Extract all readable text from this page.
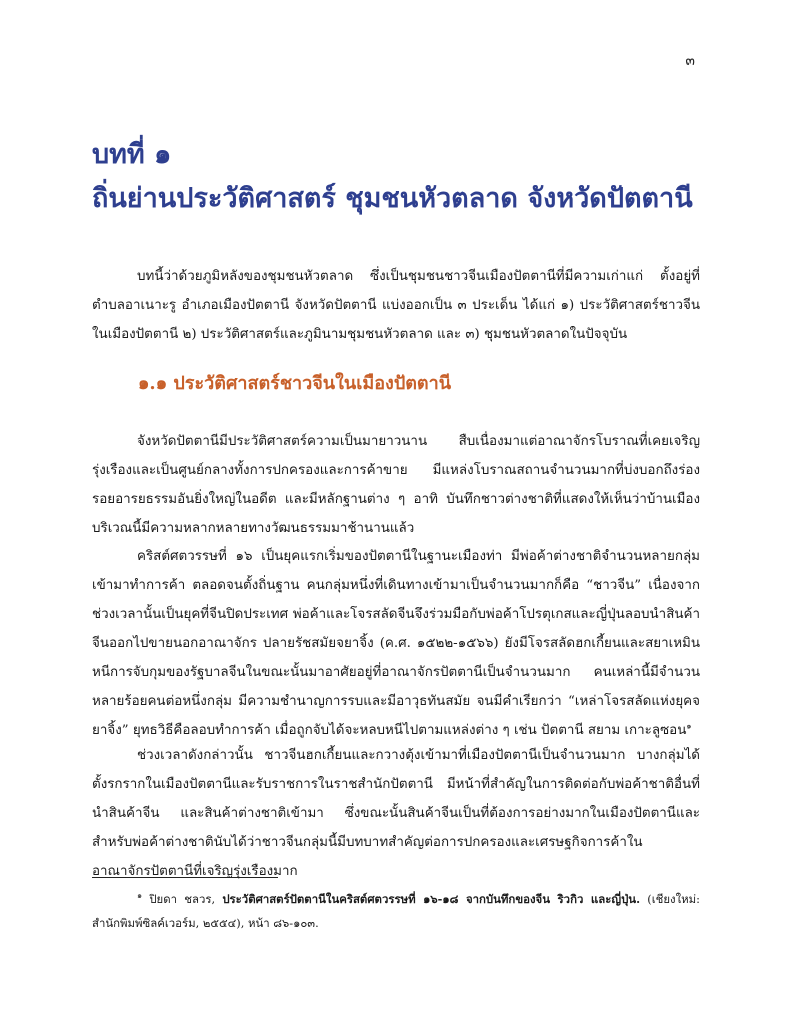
๓
บทที่ ๑
ถิ่นย่านประวัติศาสตร์ ชุมชนหัวตลาด จังหวัดปัตตานี

บทนี้ว่าด้วยภูมิหลังของชุมชนหัวตลาด ซึ่งเป็นชุมชนชาวจีนเมืองปัตตานีที่มีความเก่าแก่ ตั้งอยู่ที่ตำบลอาเนาะรู อำเภอเมืองปัตตานี จังหวัดปัตตานี แบ่งออกเป็น ๓ ประเด็น ได้แก่ ๑) ประวัติศาสตร์ชาวจีนในเมืองปัตตานี ๒) ประวัติศาสตร์และภูมินามชุมชนหัวตลาด และ ๓) ชุมชนหัวตลาดในปัจจุบัน

๑.๑ ประวัติศาสตร์ชาวจีนในเมืองปัตตานี

จังหวัดปัตตานีมีประวัติศาสตร์ความเป็นมายาวนาน สืบเนื่องมาแต่อาณาจักรโบราณที่เคยเจริญรุ่งเรืองและเป็นศูนย์กลางทั้งการปกครองและการค้าขาย มีแหล่งโบราณสถานจำนวนมากที่บ่งบอกถึงร่องรอยอารยธรรมอันยิ่งใหญ่ในอดีต และมีหลักฐานต่าง ๆ อาทิ บันทึกชาวต่างชาติที่แสดงให้เห็นว่าบ้านเมืองบริเวณนี้มีความหลากหลายทางวัฒนธรรมมาช้านานแล้ว

คริสต์ศตวรรษที่ ๑๖ เป็นยุคแรกเริ่มของปัตตานีในฐานะเมืองท่า มีพ่อค้าต่างชาติจำนวนหลายกลุ่มเข้ามาทำการค้า ตลอดจนตั้งถิ่นฐาน คนกลุ่มหนึ่งที่เดินทางเข้ามาเป็นจำนวนมากก็คือ “ชาวจีน” เนื่องจากช่วงเวลานั้นเป็นยุคที่จีนปิดประเทศ พ่อค้าและโจรสลัดจีนจึงร่วมมือกับพ่อค้าโปรตุเกสและญี่ปุ่นลอบนำสินค้าจีนออกไปขายนอกอาณาจักร ปลายรัชสมัยจยาจิ้ง (ค.ศ. ๑๕๒๒-๑๕๖๖) ยังมีโจรสลัดฮกเกี้ยนและสยาเหมินหนีการจับกุมของรัฐบาลจีนในขณะนั้นมาอาศัยอยู่ที่อาณาจักรปัตตานีเป็นจำนวนมาก คนเหล่านี้มีจำนวนหลายร้อยคนต่อหนึ่งกลุ่ม มีความชำนาญการรบและมีอาวุธทันสมัย จนมีคำเรียกว่า “เหล่าโจรสลัดแห่งยุคจยาจิ้ง” ยุทธวิธีคือลอบทำการค้า เมื่อถูกจับได้จะหลบหนีไปตามแหล่งต่าง ๆ เช่น ปัตตานี สยาม เกาะลูซอน$^๑$

ช่วงเวลาดังกล่าวนั้น ชาวจีนฮกเกี้ยนและกวางตุ้งเข้ามาที่เมืองปัตตานีเป็นจำนวนมาก บางกลุ่มได้ตั้งรกรากในเมืองปัตตานีและรับราชการในราชสำนักปัตตานี มีหน้าที่สำคัญในการติดต่อกับพ่อค้าชาติอื่นที่นำสินค้าจีน และสินค้าต่างชาติเข้ามา ซึ่งขณะนั้นสินค้าจีนเป็นที่ต้องการอย่างมากในเมืองปัตตานีและสำหรับพ่อค้าต่างชาตินับได้ว่าชาวจีนกลุ่มนี้มีบทบาทสำคัญต่อการปกครองและเศรษฐกิจการค้าในอาณาจักรปัตตานีที่เจริญรุ่งเรืองมาก

$^๑$ ปิยดา ชลวร, ประวัติศาสตร์ปัตตานีในคริสต์ศตวรรษที่ ๑๖-๑๘ จากบันทึกของจีน ริวกิว และญี่ปุ่น. (เชียงใหม่: สำนักพิมพ์ซิลค์เวอร์ม, ๒๕๕๔), หน้า ๘๖-๑๐๓.
